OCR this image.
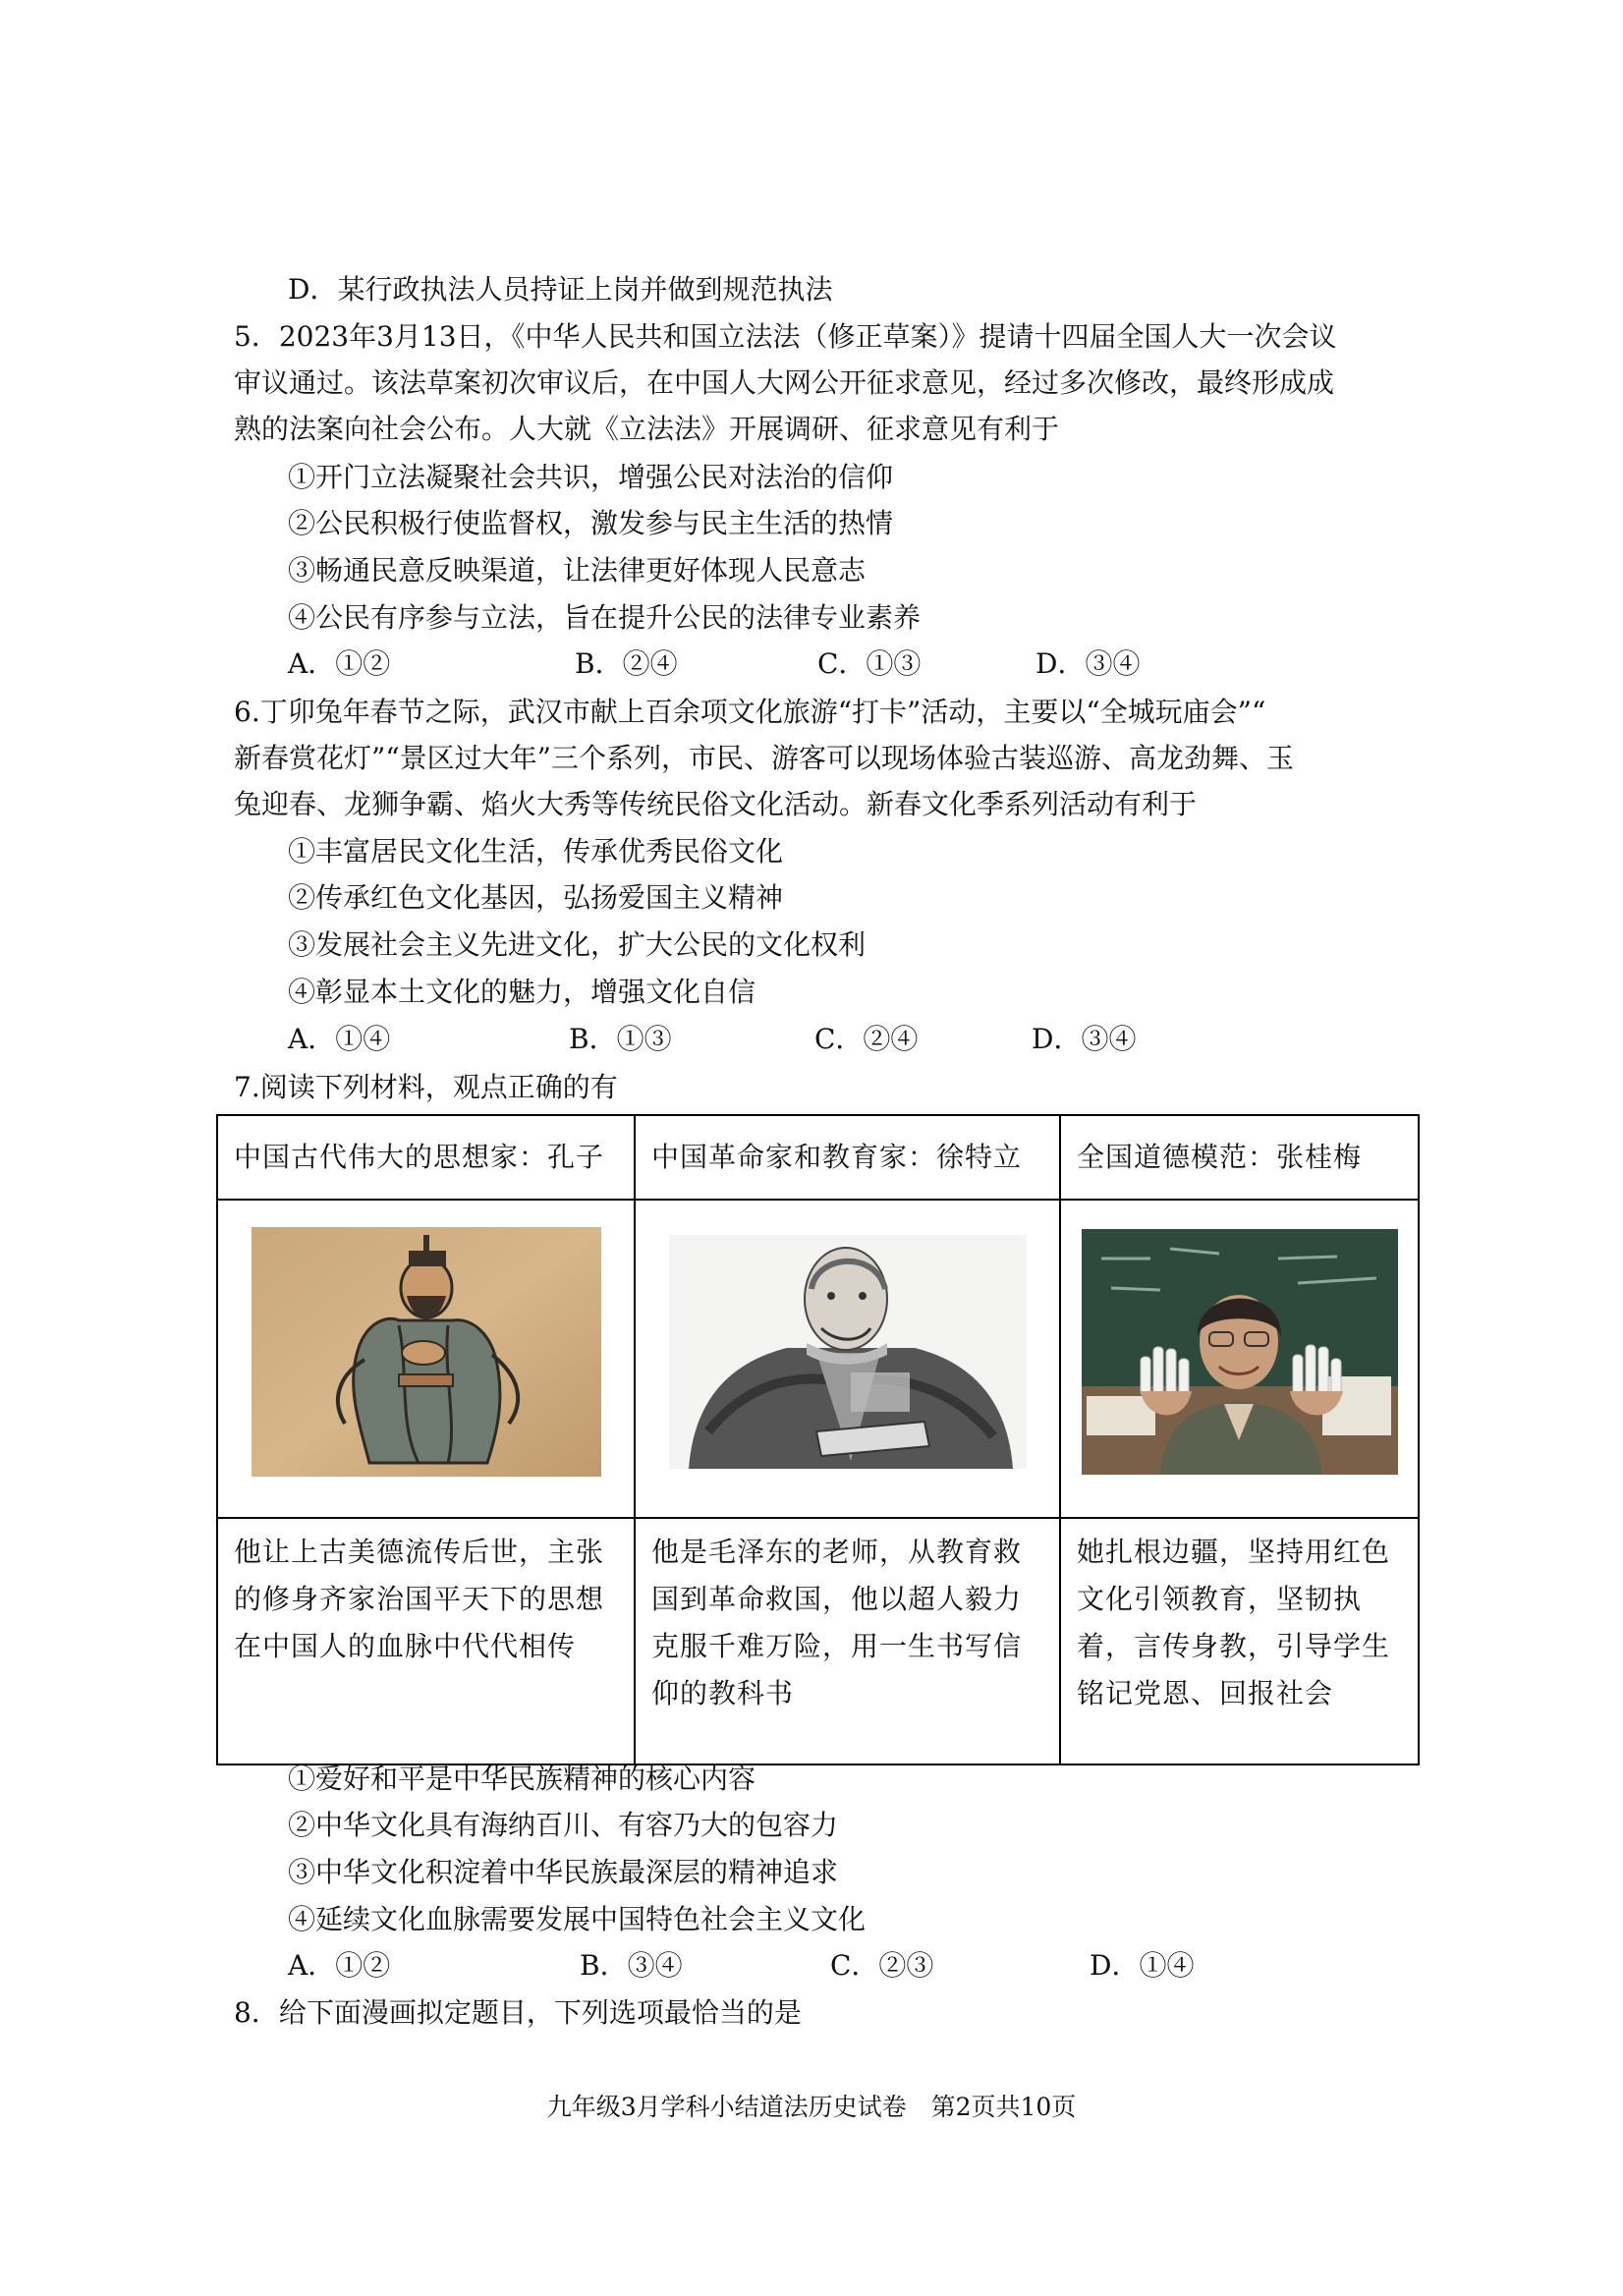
D．某行政执法人员持证上岗并做到规范执法
5．2023年3月13日，《中华人民共和国立法法（修正草案）》提请十四届全国人大一次会议
审议通过。该法草案初次审议后，在中国人大网公开征求意见，经过多次修改，最终形成成
熟的法案向社会公布。人大就《立法法》开展调研、征求意见有利于
①开门立法凝聚社会共识，增强公民对法治的信仰
②公民积极行使监督权，激发参与民主生活的热情
③畅通民意反映渠道，让法律更好体现人民意志
④公民有序参与立法，旨在提升公民的法律专业素养
A．①②	B．②④	C．①③	D．③④
6.丁卯兔年春节之际，武汉市献上百余项文化旅游“打卡”活动，主要以“全城玩庙会”“
新春赏花灯”“景区过大年”三个系列，市民、游客可以现场体验古装巡游、高龙劲舞、玉
兔迎春、龙狮争霸、焰火大秀等传统民俗文化活动。新春文化季系列活动有利于
①丰富居民文化生活，传承优秀民俗文化
②传承红色文化基因，弘扬爱国主义精神
③发展社会主义先进文化，扩大公民的文化权利
④彰显本土文化的魅力，增强文化自信
A．①④	B．①③	C．②④	D．③④
7.阅读下列材料，观点正确的有
中国古代伟大的思想家：孔子	中国革命家和教育家：徐特立	全国道德模范：张桂梅

他让上古美德流传后世，主张的修身齐家治国平天下的思想在中国人的血脉中代代相传	他是毛泽东的老师，从教育救国到革命救国，他以超人毅力克服千难万险，用一生书写信仰的教科书	她扎根边疆，坚持用红色文化引领教育，坚韧执着，言传身教，引导学生铭记党恩、回报社会
①爱好和平是中华民族精神的核心内容
②中华文化具有海纳百川、有容乃大的包容力
③中华文化积淀着中华民族最深层的精神追求
④延续文化血脉需要发展中国特色社会主义文化
A．①②	B．③④	C．②③	D．①④
8．给下面漫画拟定题目，下列选项最恰当的是
九年级3月学科小结道法历史试卷　第2页共10页
